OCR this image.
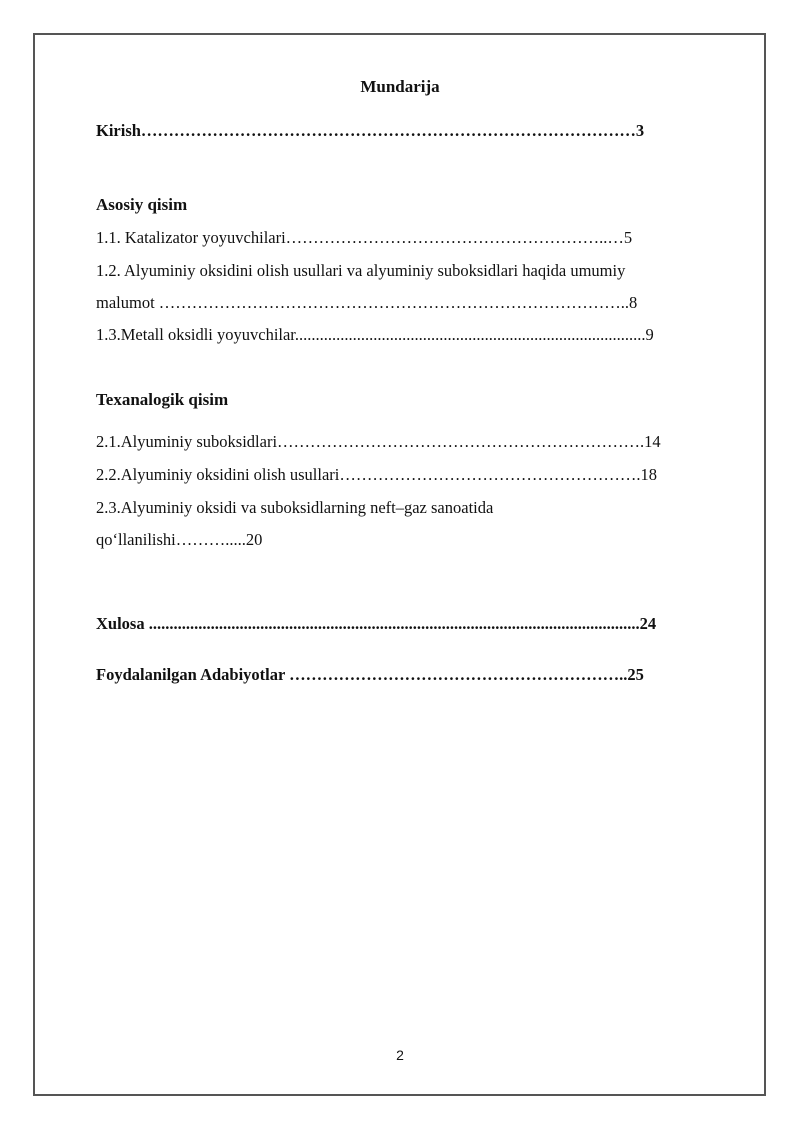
Mundarija
Kirish………………………………………………………………………………3
Asosiy qisim
1.1. Katalizator yoyuvchilari…………………………………………………..…5
1.2. Alyuminiy oksidini olish usullari va alyuminiy suboksidlari haqida umumiy
malumot …………………………………………………………………………..8
1.3.Metall oksidli yoyuvchilar.....................................................................................9
Texanalogik qisim
2.1.Alyuminiy suboksidlari………………………………………………………….14
2.2.Alyuminiy oksidini olish usullari……………………………………………….18
2.3.Alyuminiy oksidi va suboksidlarning neft–gaz sanoatida
qo‘llanilishi……….....20
Xulosa .......................................................................................................................24
Foydalanilgan Adabiyotlar ……………………………………………………..25
2
